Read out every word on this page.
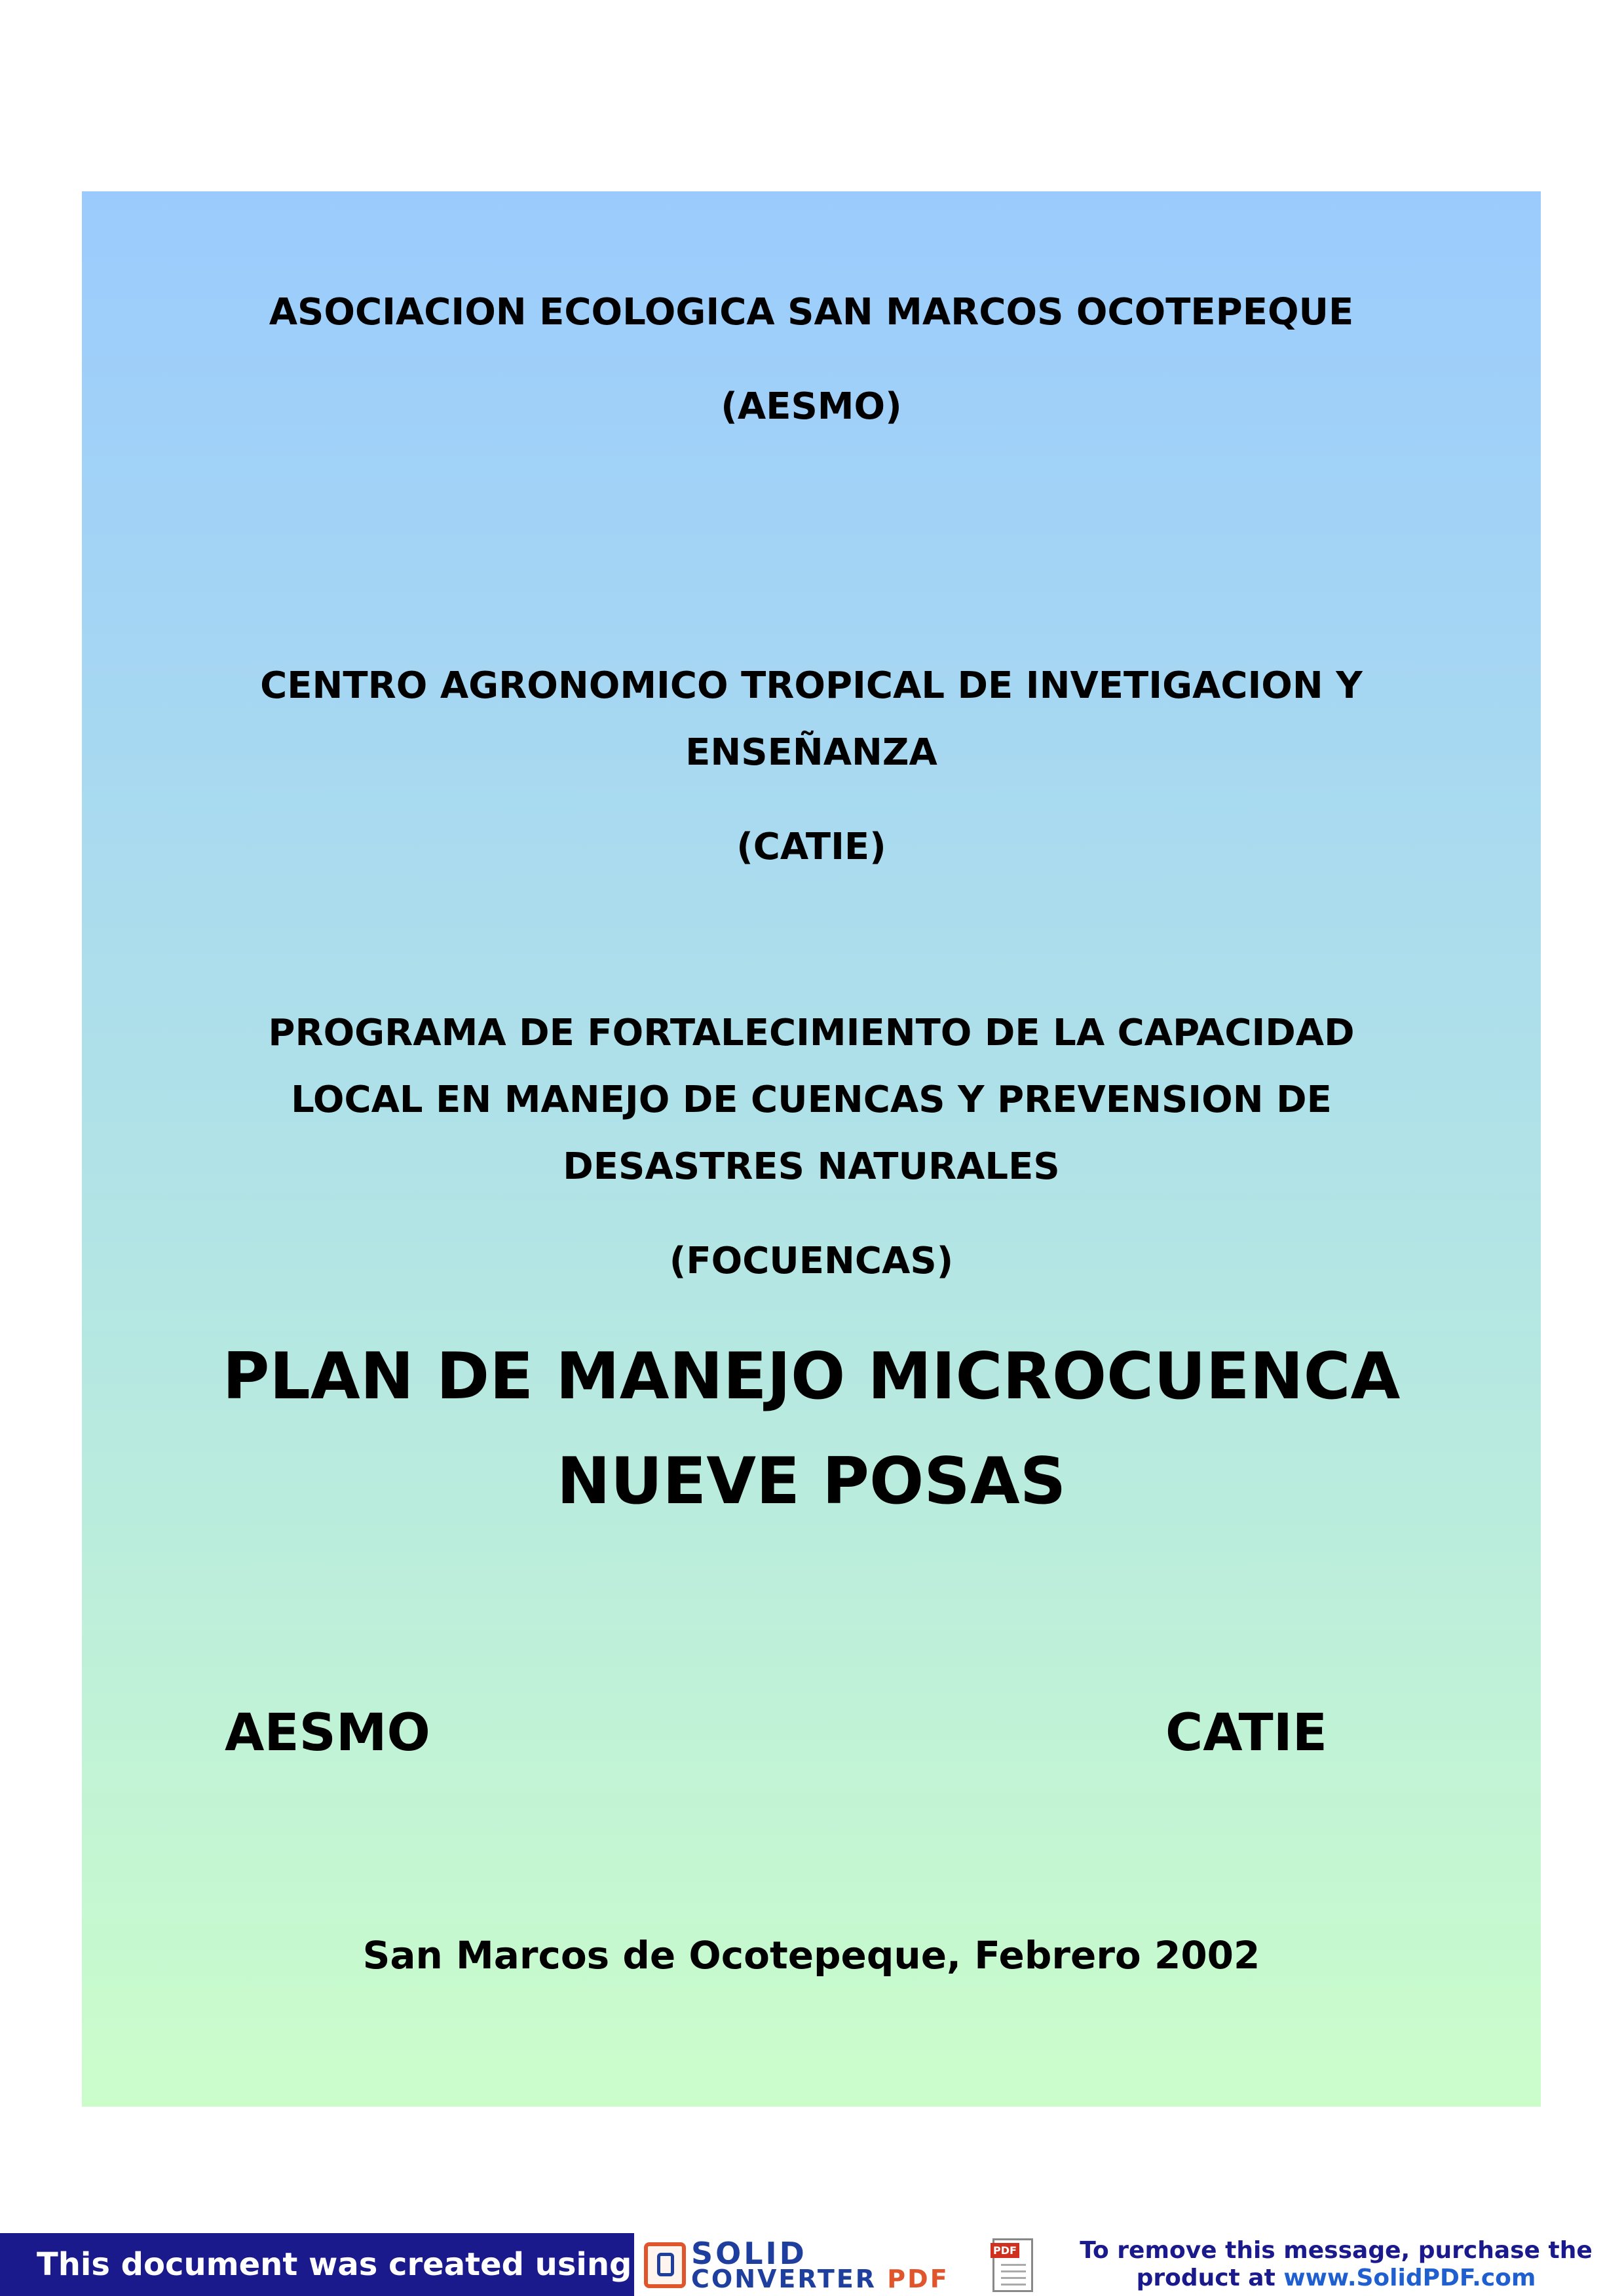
ASOCIACION ECOLOGICA SAN MARCOS OCOTEPEQUE

(AESMO)

CENTRO AGRONOMICO TROPICAL DE INVETIGACION Y

ENSEÑANZA

(CATIE)

PROGRAMA DE FORTALECIMIENTO DE LA CAPACIDAD

LOCAL EN MANEJO DE CUENCAS Y PREVENSION DE

DESASTRES NATURALES

(FOCUENCAS)

PLAN DE MANEJO MICROCUENCA

NUEVE POSAS

AESMO	CATIE

San Marcos de Ocotepeque, Febrero 2002

This document was created using SOLID
CONVERTER PDF
PDF	To remove this message, purchase the
product at www.SolidPDF.com
